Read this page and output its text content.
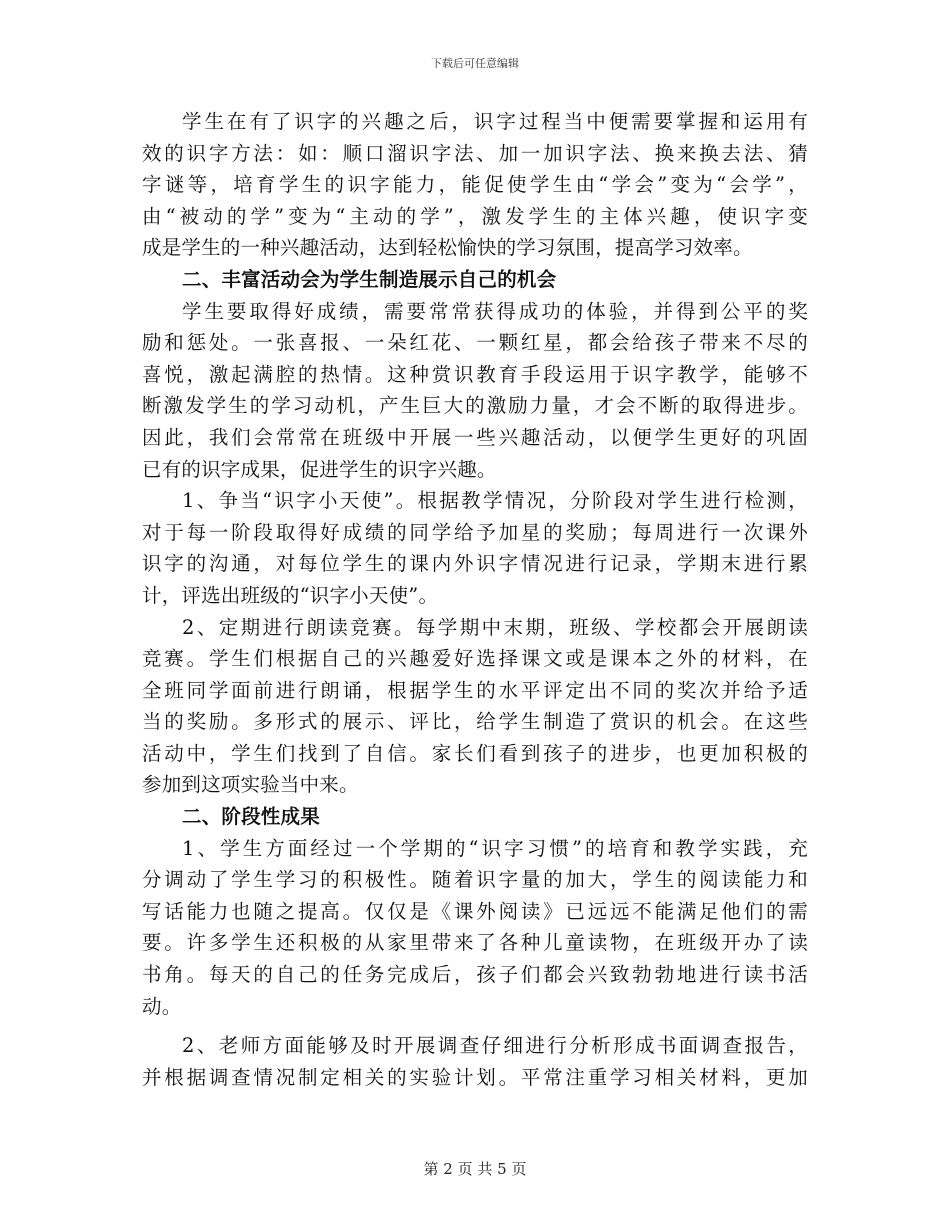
下载后可任意编辑
学生在有了识字的兴趣之后，识字过程当中便需要掌握和运用有
效的识字方法：如：顺口溜识字法、加一加识字法、换来换去法、猜
字谜等，培育学生的识字能力，能促使学生由“学会”变为“会学”，
由“被动的学”变为“主动的学”，激发学生的主体兴趣，使识字变
成是学生的一种兴趣活动，达到轻松愉快的学习氛围，提高学习效率。
二、丰富活动会为学生制造展示自己的机会
学生要取得好成绩，需要常常获得成功的体验，并得到公平的奖
励和惩处。一张喜报、一朵红花、一颗红星，都会给孩子带来不尽的
喜悦，激起满腔的热情。这种赏识教育手段运用于识字教学，能够不
断激发学生的学习动机，产生巨大的激励力量，才会不断的取得进步。
因此，我们会常常在班级中开展一些兴趣活动，以便学生更好的巩固
已有的识字成果，促进学生的识字兴趣。
1、争当“识字小天使”。根据教学情况，分阶段对学生进行检测，
对于每一阶段取得好成绩的同学给予加星的奖励；每周进行一次课外
识字的沟通，对每位学生的课内外识字情况进行记录，学期末进行累
计，评选出班级的“识字小天使”。
2、定期进行朗读竞赛。每学期中末期，班级、学校都会开展朗读
竞赛。学生们根据自己的兴趣爱好选择课文或是课本之外的材料，在
全班同学面前进行朗诵，根据学生的水平评定出不同的奖次并给予适
当的奖励。多形式的展示、评比，给学生制造了赏识的机会。在这些
活动中，学生们找到了自信。家长们看到孩子的进步，也更加积极的
参加到这项实验当中来。
二、阶段性成果
1、学生方面经过一个学期的“识字习惯”的培育和教学实践，充
分调动了学生学习的积极性。随着识字量的加大，学生的阅读能力和
写话能力也随之提高。仅仅是《课外阅读》已远远不能满足他们的需
要。许多学生还积极的从家里带来了各种儿童读物，在班级开办了读
书角。每天的自己的任务完成后，孩子们都会兴致勃勃地进行读书活
动。
2、老师方面能够及时开展调查仔细进行分析形成书面调查报告，
并根据调查情况制定相关的实验计划。平常注重学习相关材料，更加
第 2 页 共 5 页
